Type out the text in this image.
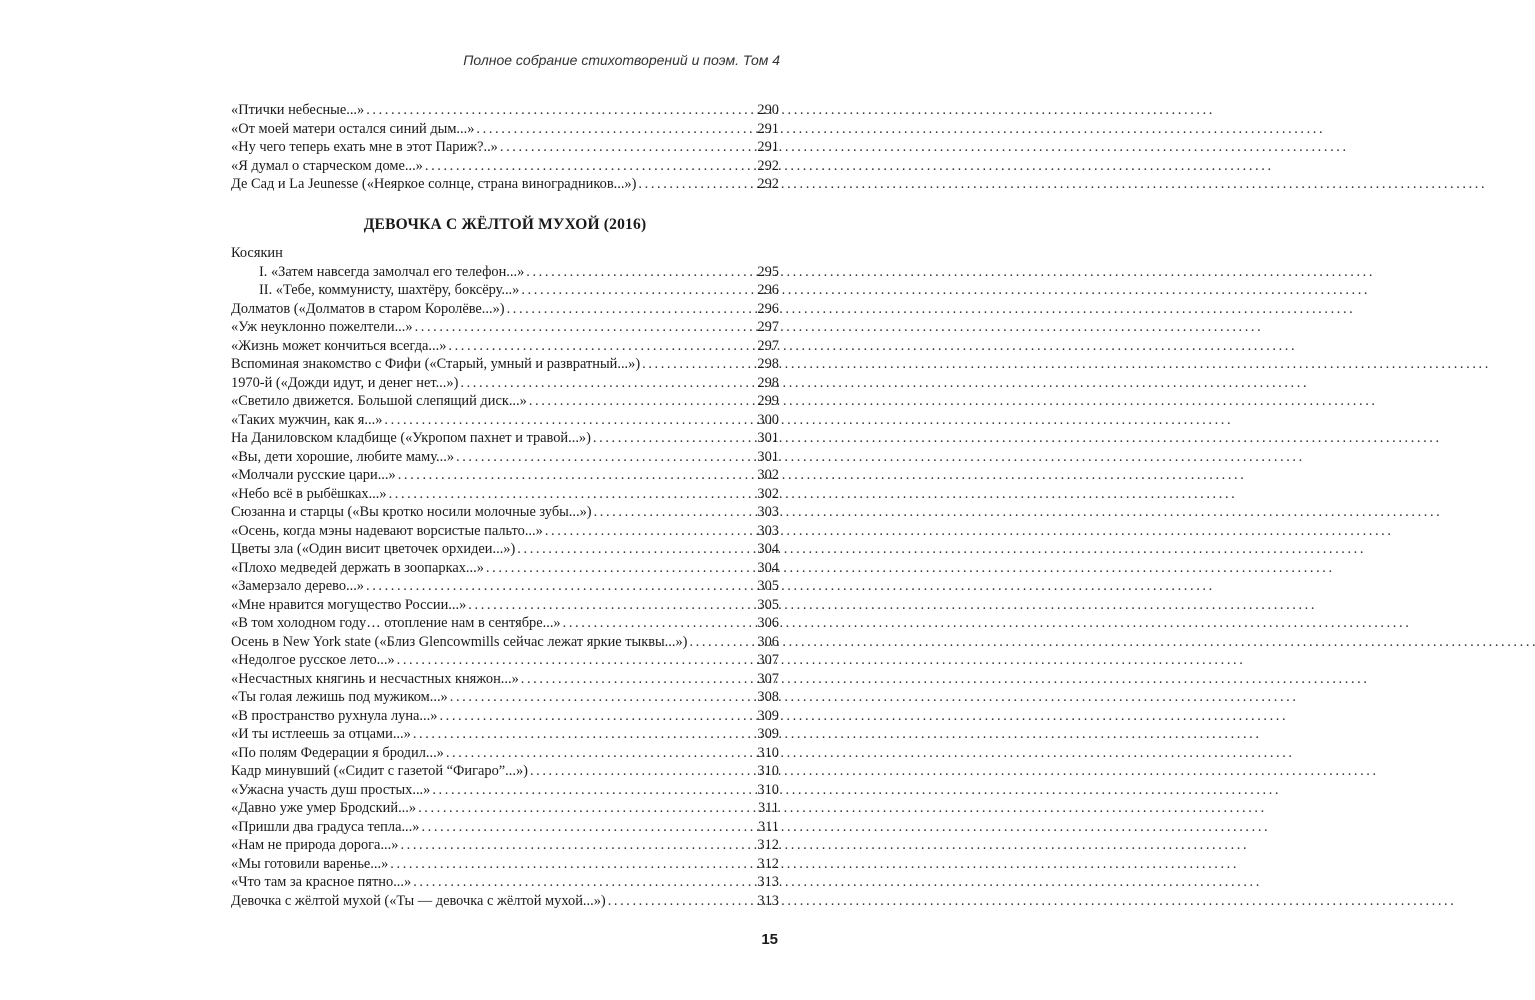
Полное собрание стихотворений и поэм. Том 4
«Птички небесные...» . . .	290
«От моей матери остался синий дым...» . . .	291
«Ну чего теперь ехать мне в этот Париж?..» . . .	291
«Я думал о старческом доме...» . . .	292
Де Сад и La Jeunesse («Неяркое солнце, страна виноградников...») . . .	292
ДЕВОЧКА С ЖЁЛТОЙ МУХОЙ (2016)
Косякин
I. «Затем навсегда замолчал его телефон...» . . .	295
II. «Тебе, коммунисту, шахтёру, боксёру...» . . .	296
Долматов («Долматов в старом Королёве...») . . .	296
«Уж неуклонно пожелтели...» . . .	297
«Жизнь может кончиться всегда...» . . .	297
Вспоминая знакомство с Фифи («Старый, умный и развратный...») . . .	298
1970-й («Дожди идут, и денег нет...») . . .	298
«Светило движется. Большой слепящий диск...» . . .	299
«Таких мужчин, как я...» . . .	300
На Даниловском кладбище («Укропом пахнет и травой...») . . .	301
«Вы, дети хорошие, любите маму...» . . .	301
«Молчали русские цари...» . . .	302
«Небо всё в рыбёшках...» . . .	302
Сюзанна и старцы («Вы кротко носили молочные зубы...») . . .	303
«Осень, когда мэны надевают ворсистые пальто...» . . .	303
Цветы зла («Один висит цветочек орхидеи...») . . .	304
«Плохо медведей держать в зоопарках...» . . .	304
«Замерзало дерево...» . . .	305
«Мне нравится могущество России...» . . .	305
«В том холодном году… отопление нам в сентябре...» . . .	306
Осень в New York state («Близ Glencowmills сейчас лежат яркие тыквы...») . . .	306
«Недолгое русское лето...» . . .	307
«Несчастных княгинь и несчастных княжон...» . . .	307
«Ты голая лежишь под мужиком...» . . .	308
«В пространство рухнула луна...» . . .	309
«И ты истлеешь за отцами...» . . .	309
«По полям Федерации я бродил...» . . .	310
Кадр минувший («Сидит с газетой “Фигаро”...») . . .	310
«Ужасна участь душ простых...» . . .	310
«Давно уже умер Бродский...» . . .	311
«Пришли два градуса тепла...» . . .	311
«Нам не природа дорога...» . . .	312
«Мы готовили варенье...» . . .	312
«Что там за красное пятно...» . . .	313
Девочка с жёлтой мухой («Ты — девочка с жёлтой мухой...») . . .	313
15
